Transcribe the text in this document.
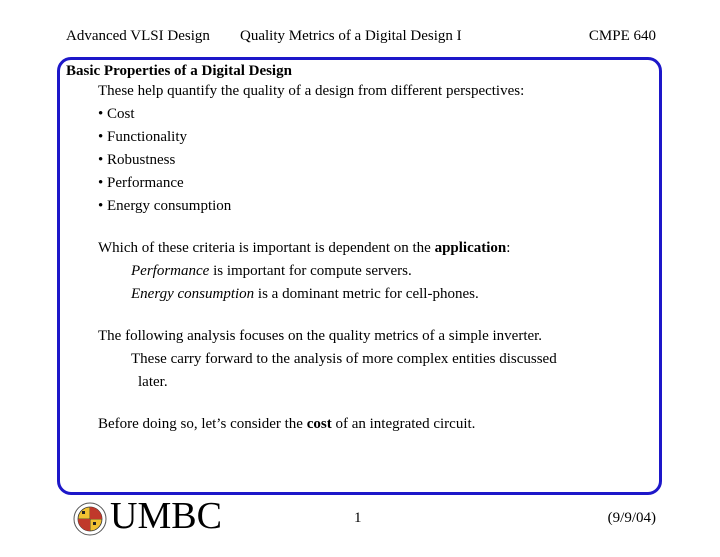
Advanced VLSI Design Quality Metrics of a Digital Design I	CMPE 640
Basic Properties of a Digital Design
These help quantify the quality of a design from different perspectives:
• Cost
• Functionality
• Robustness
• Performance
• Energy consumption
Which of these criteria is important is dependent on the application:
Performance is important for compute servers.
Energy consumption is a dominant metric for cell-phones.
The following analysis focuses on the quality metrics of a simple inverter.
These carry forward to the analysis of more complex entities discussed
later.
Before doing so, let’s consider the cost of an integrated circuit.
UMBC	1	(9/9/04)
